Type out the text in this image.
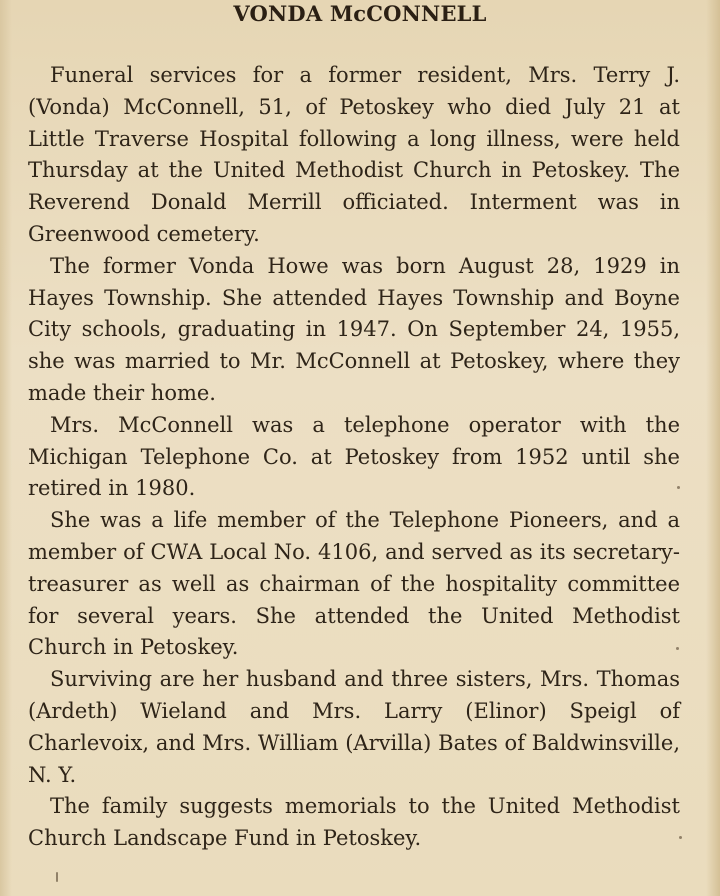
VONDA McCONNELL

Funeral services for a former resident, Mrs. Terry J. (Vonda) McConnell, 51, of Petoskey who died July 21 at Little Traverse Hospital following a long illness, were held Thursday at the United Methodist Church in Petoskey. The Reverend Donald Merrill officiated. Interment was in Greenwood cemetery.

The former Vonda Howe was born August 28, 1929 in Hayes Township. She attended Hayes Township and Boyne City schools, graduating in 1947. On September 24, 1955, she was married to Mr. McConnell at Petoskey, where they made their home.

Mrs. McConnell was a telephone operator with the Michigan Telephone Co. at Petoskey from 1952 until she retired in 1980.

She was a life member of the Telephone Pioneers, and a member of CWA Local No. 4106, and served as its secretary-treasurer as well as chairman of the hospitality committee for several years. She attended the United Methodist Church in Petoskey.

Surviving are her husband and three sisters, Mrs. Thomas (Ardeth) Wieland and Mrs. Larry (Elinor) Speigl of Charlevoix, and Mrs. William (Arvilla) Bates of Baldwinsville, N. Y.

The family suggests memorials to the United Methodist Church Landscape Fund in Petoskey.
